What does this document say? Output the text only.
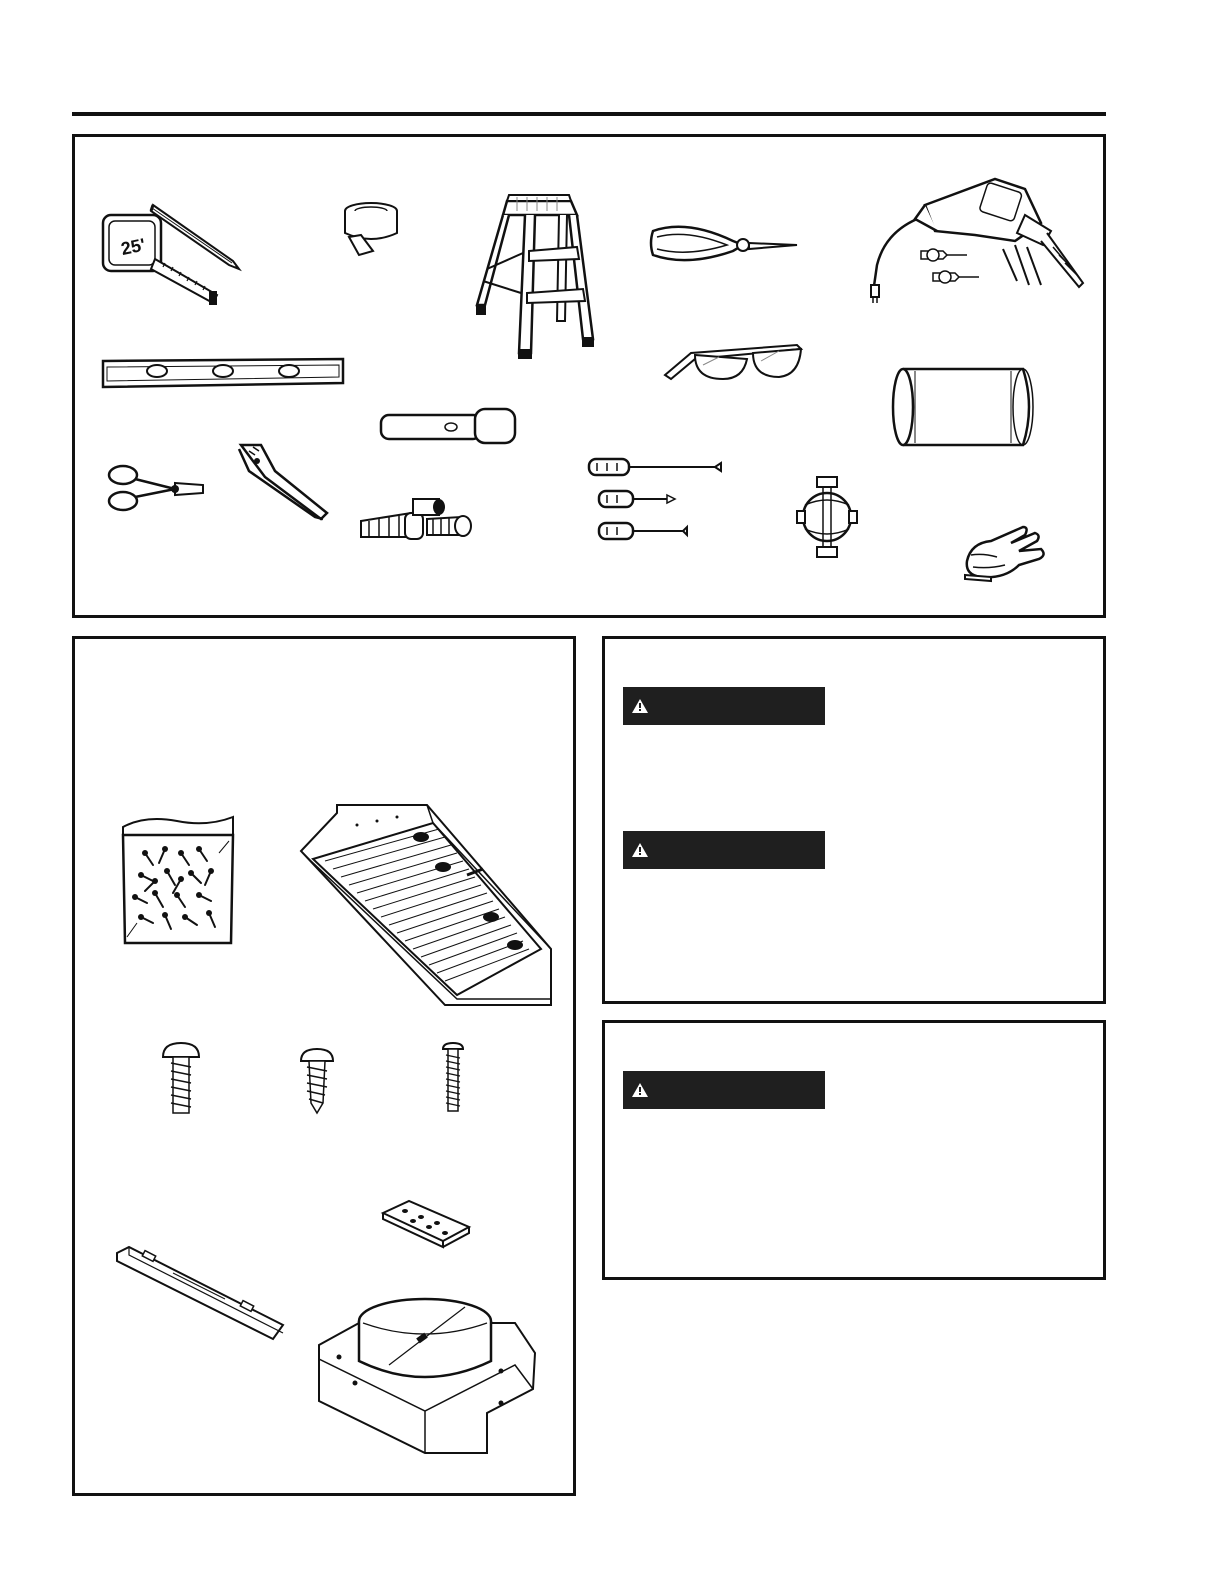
25'
